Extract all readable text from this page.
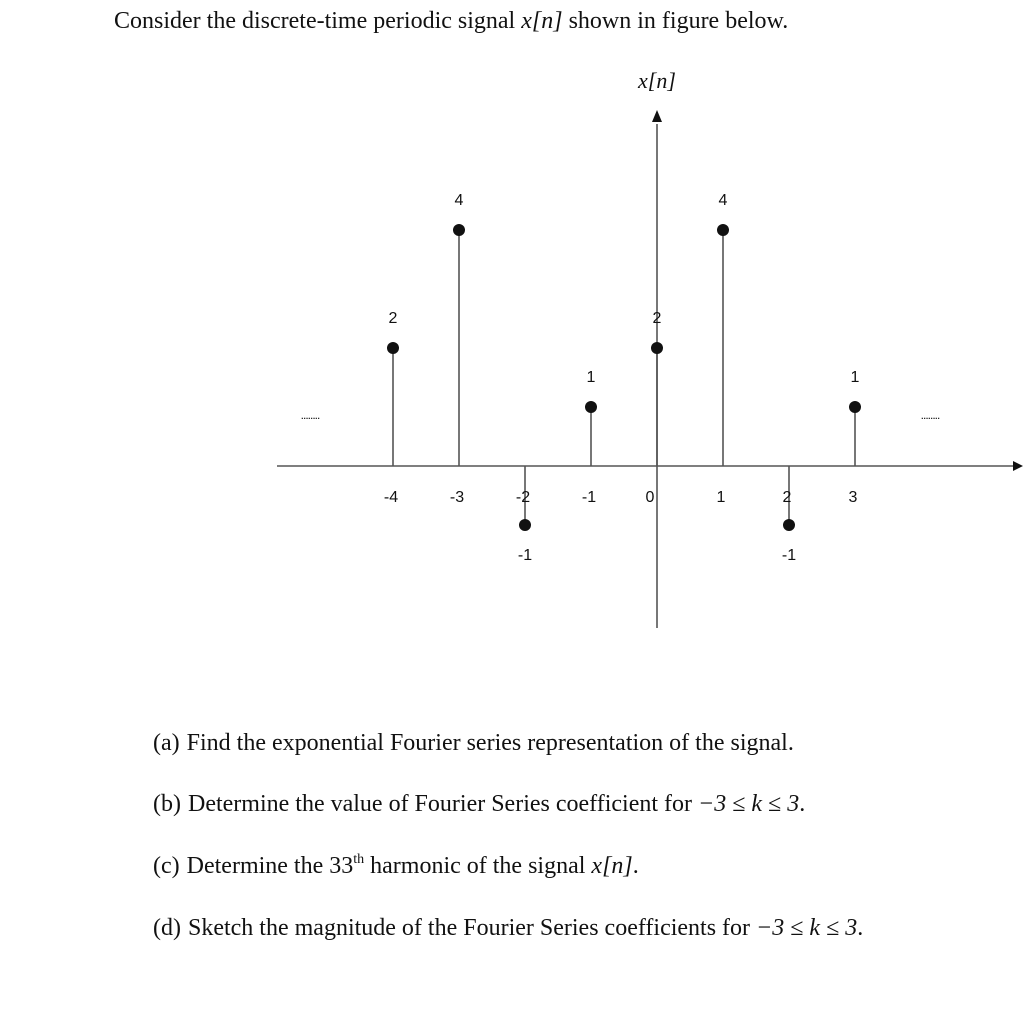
Consider the discrete-time periodic signal x[n] shown in figure below.
x[n]
........	........
2
-4
4
-3
-1
-2
1
-1
2
0
4
1
-1
2
1
3
(a) Find the exponential Fourier series representation of the signal.
(b) Determine the value of Fourier Series coefficient for −3 ≤ k ≤ 3.
(c) Determine the 33th harmonic of the signal x[n].
(d) Sketch the magnitude of the Fourier Series coefficients for −3 ≤ k ≤ 3.
